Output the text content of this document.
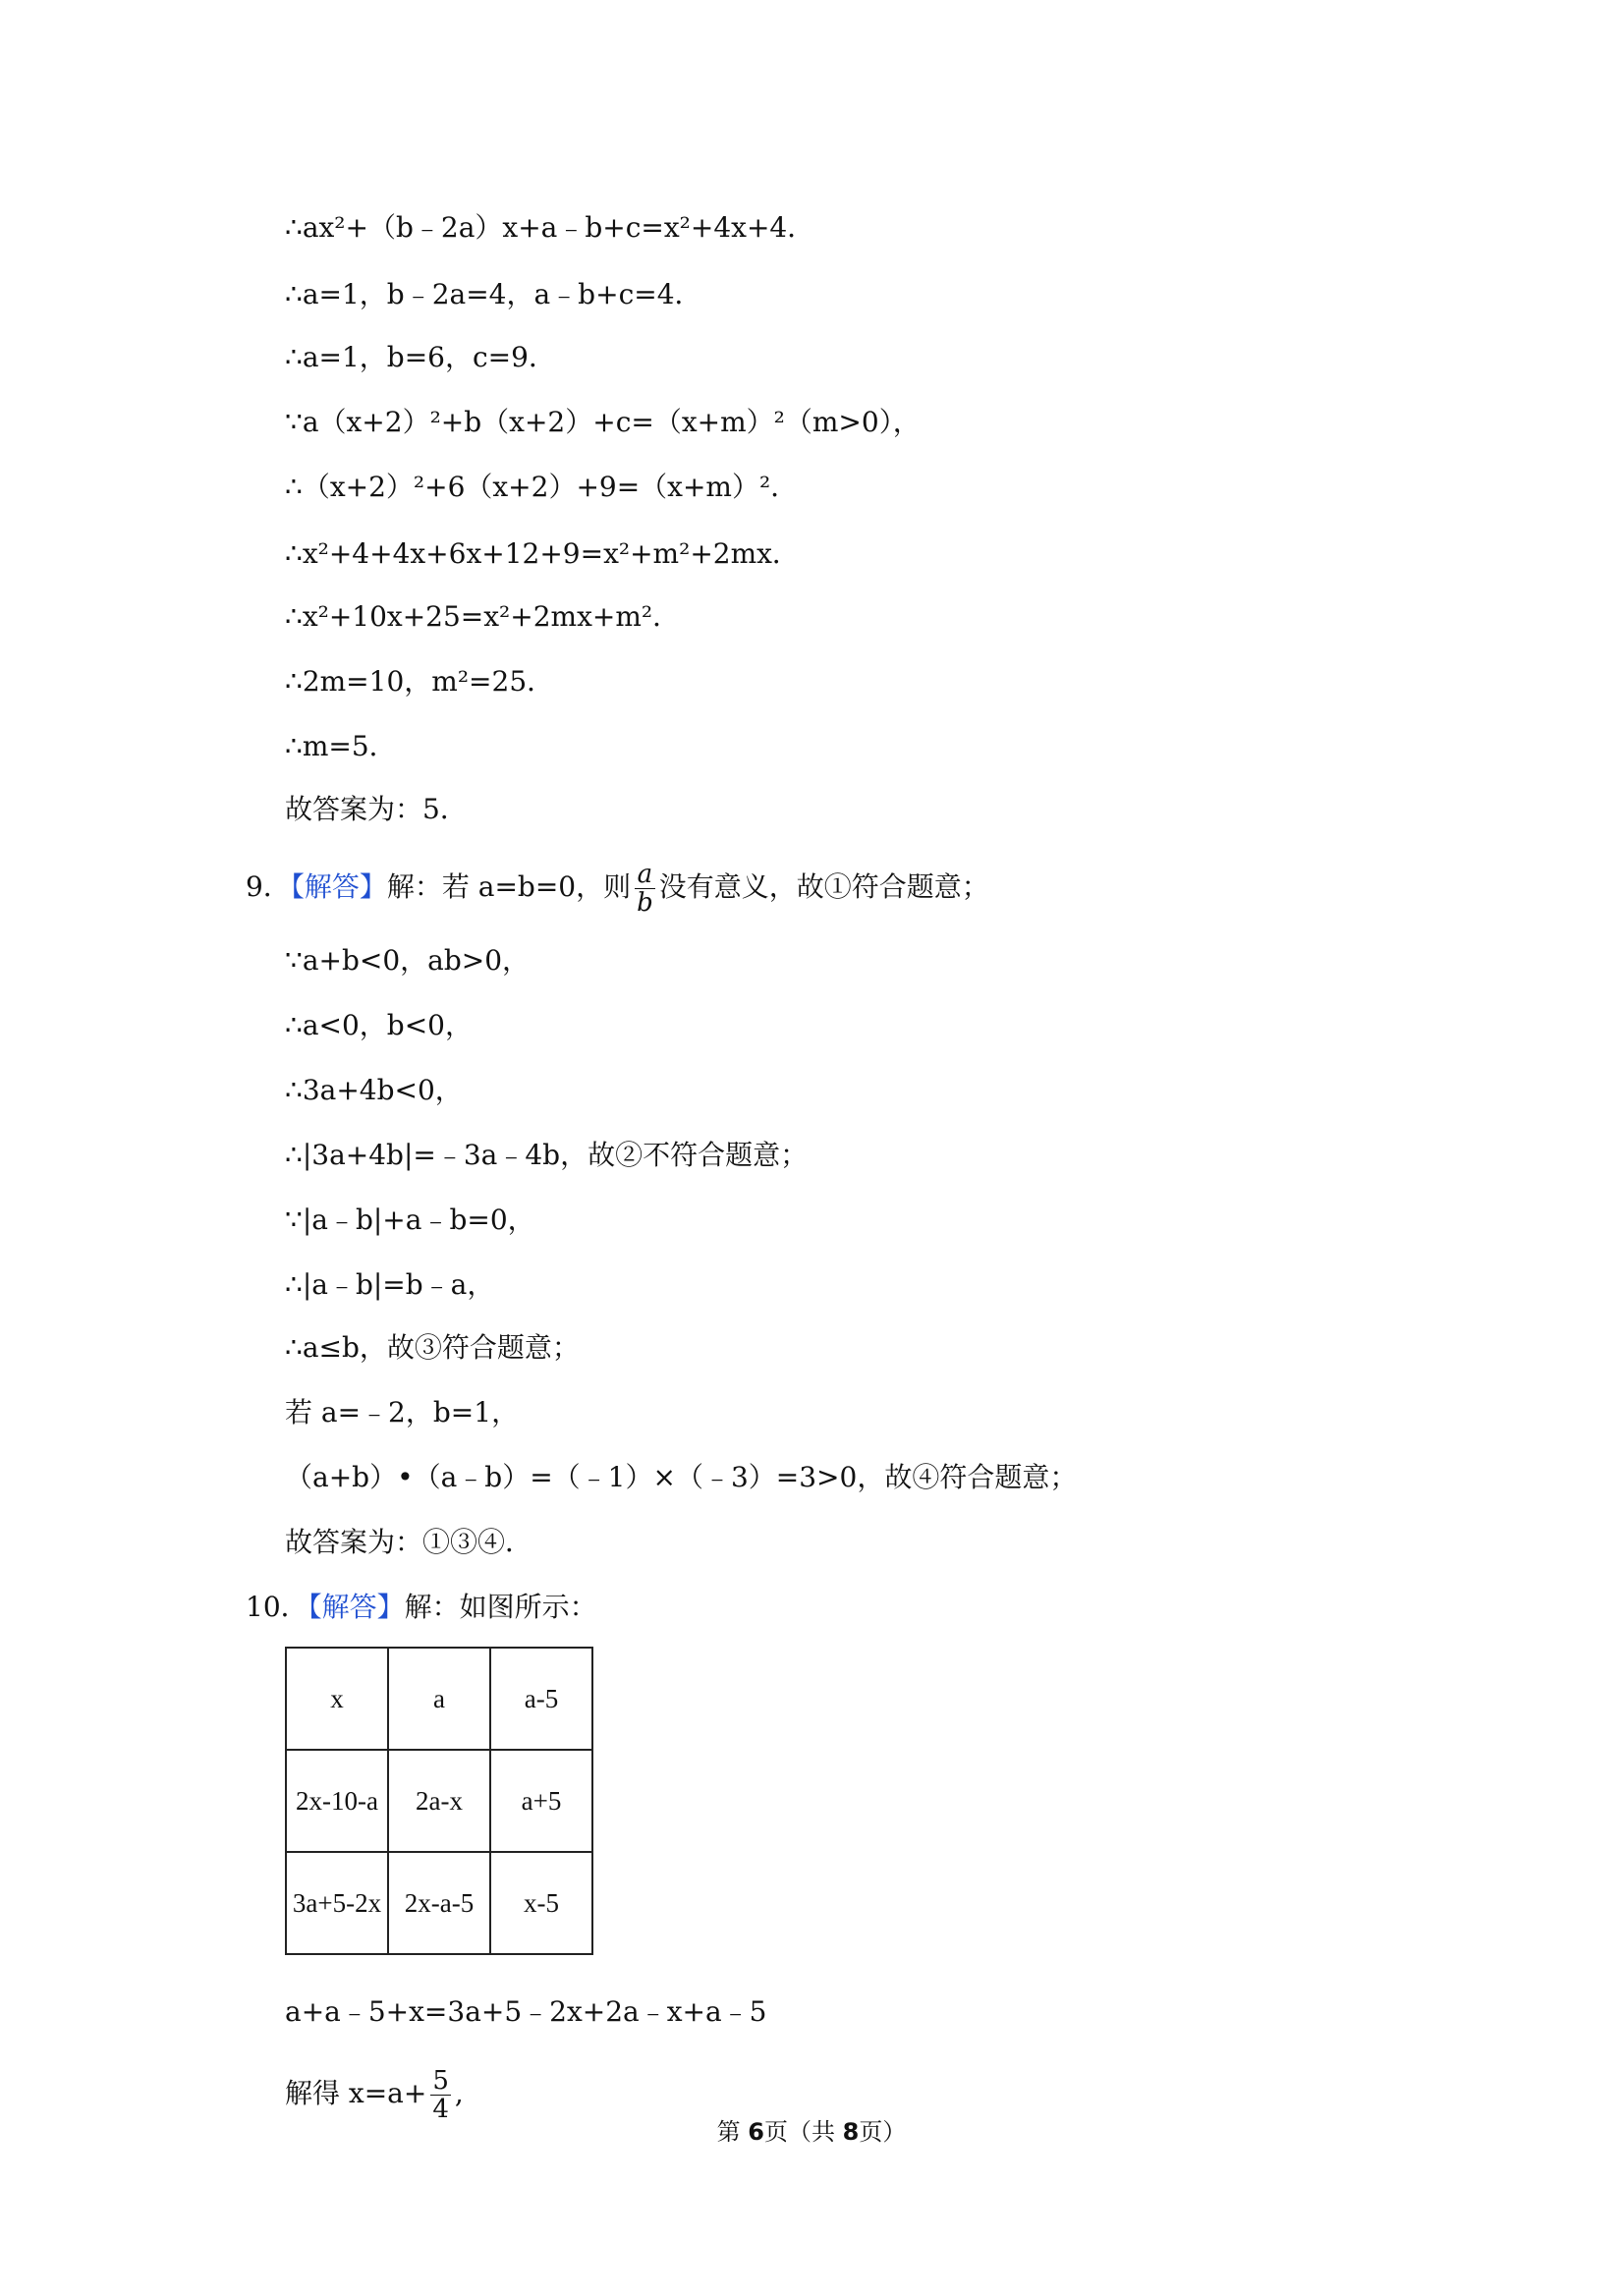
∴ax²+（b﹣2a）x+a﹣b+c=x²+4x+4．
∴a=1，b﹣2a=4，a﹣b+c=4．
∴a=1，b=6，c=9．
∵a（x+2）²+b（x+2）+c=（x+m）²（m>0），
∴（x+2）²+6（x+2）+9=（x+m）²．
∴x²+4+4x+6x+12+9=x²+m²+2mx．
∴x²+10x+25=x²+2mx+m²．
∴2m=10，m²=25．
∴m=5．
故答案为：5．
9．【解答】解：若 a=b=0，则 $\frac{a}{b}$ 没有意义，故①符合题意；
∵a+b<0，ab>0，
∴a<0，b<0，
∴3a+4b<0，
∴|3a+4b|=﹣3a﹣4b，故②不符合题意；
∵|a﹣b|+a﹣b=0，
∴|a﹣b|=b﹣a，
∴a≤b，故③符合题意；
若 a=﹣2，b=1，
（a+b）•（a﹣b）=（﹣1）×（﹣3）=3>0，故④符合题意；
故答案为：①③④．
10．【解答】解：如图所示：
x	a	a-5
2x-10-a	2a-x	a+5
3a+5-2x	2x-a-5	x-5
a+a﹣5+x=3a+5﹣2x+2a﹣x+a﹣5
解得 $x=a+ \frac{5}{4}$ ,
第 6页（共 8页）
